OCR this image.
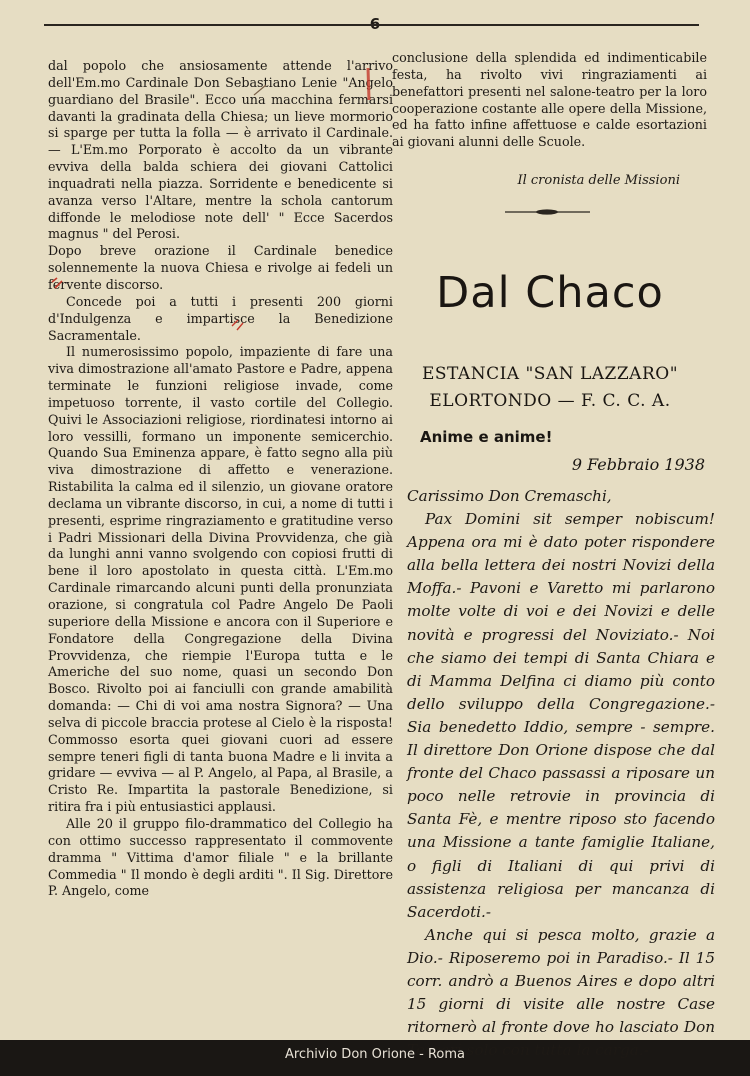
— 6 —

dal popolo che ansiosamente attende l'arrivo dell'Em.mo Cardinale Don Sebastiano Lenie "Angelo guardiano del Brasile". Ecco una macchina fermarsi davanti la gradinata della Chiesa; un lieve mormorio si sparge per tutta la folla — è arrivato il Cardinale. — L'Em.mo Porporato è accolto da un vibrante evviva della balda schiera dei giovani Cattolici inquadrati nella piazza. Sorridente e benedicente si avanza verso l'Altare, mentre la schola cantorum diffonde le melodiose note dell' " Ecce Sacerdos magnus " del Perosi.

Dopo breve orazione il Cardinale benedice solennemente la nuova Chiesa e rivolge ai fedeli un fervente discorso.

Concede poi a tutti i presenti 200 giorni d'Indulgenza e impartisce la Benedizione Sacramentale.

Il numerosissimo popolo, impaziente di fare una viva dimostrazione all'amato Pastore e Padre, appena terminate le funzioni religiose invade, come impetuoso torrente, il vasto cortile del Collegio. Quivi le Associazioni religiose, riordinatesi intorno ai loro vessilli, formano un imponente semicerchio. Quando Sua Eminenza appare, è fatto segno alla più viva dimostrazione di affetto e venerazione. Ristabilita la calma ed il silenzio, un giovane oratore declama un vibrante discorso, in cui, a nome di tutti i presenti, esprime ringraziamento e gratitudine verso i Padri Missionari della Divina Provvidenza, che già da lunghi anni vanno svolgendo con copiosi frutti di bene il loro apostolato in questa città. L'Em.mo Cardinale rimarcando alcuni punti della pronunziata orazione, si congratula col Padre Angelo De Paoli superiore della Missione e ancora con il Superiore e Fondatore della Congregazione della Divina Provvidenza, che riempie l'Europa tutta e le Americhe del suo nome, quasi un secondo Don Bosco. Rivolto poi ai fanciulli con grande amabilità domanda: — Chi di voi ama nostra Signora? — Una selva di piccole braccia protese al Cielo è la risposta! Commosso esorta quei giovani cuori ad essere sempre teneri figli di tanta buona Madre e li invita a gridare — evviva — al P. Angelo, al Papa, al Brasile, a Cristo Re. Impartita la pastorale Benedizione, si ritira fra i più entusiastici applausi.

Alle 20 il gruppo filo-drammatico del Collegio ha con ottimo successo rappresentato il commovente dramma " Vittima d'amor filiale " e la brillante Commedia " Il mondo è degli arditi ". Il Sig. Direttore P. Angelo, come

conclusione della splendida ed indimenticabile festa, ha rivolto vivi ringraziamenti ai benefattori presenti nel salone-teatro per la loro cooperazione costante alle opere della Missione, ed ha fatto infine affettuose e calde esortazioni ai giovani alunni delle Scuole.
Il cronista delle Missioni
Dal Chaco
ESTANCIA "SAN LAZZARO"
ELORTONDO — F. C. C. A.
Anime e anime!
9 Febbraio 1938

Carissimo Don Cremaschi,

Pax Domini sit semper nobiscum! Appena ora mi è dato poter rispondere alla bella lettera dei nostri Novizi della Moffa.- Pavoni e Varetto mi parlarono molte volte di voi e dei Novizi e delle novità e progressi del Noviziato.- Noi che siamo dei tempi di Santa Chiara e di Mamma Delfina ci diamo più conto dello sviluppo della Congregazione.- Sia benedetto Iddio, sempre - sempre. Il direttore Don Orione dispose che dal fronte del Chaco passassi a riposare un poco nelle retrovie in provincia di Santa Fè, e mentre riposo sto facendo una Missione a tante famiglie Italiane, o figli di Italiani di qui privi di assistenza religiosa per mancanza di Sacerdoti.-

Anche qui si pesca molto, grazie a Dio.- Riposeremo poi in Paradiso.- Il 15 corr. andrò a Buenos Aires e dopo altri 15 giorni di visite alle nostre Case ritornerò al fronte dove ho lasciato Don Tessari solo con tutta la carga.-

Archivio Don Orione - Roma
